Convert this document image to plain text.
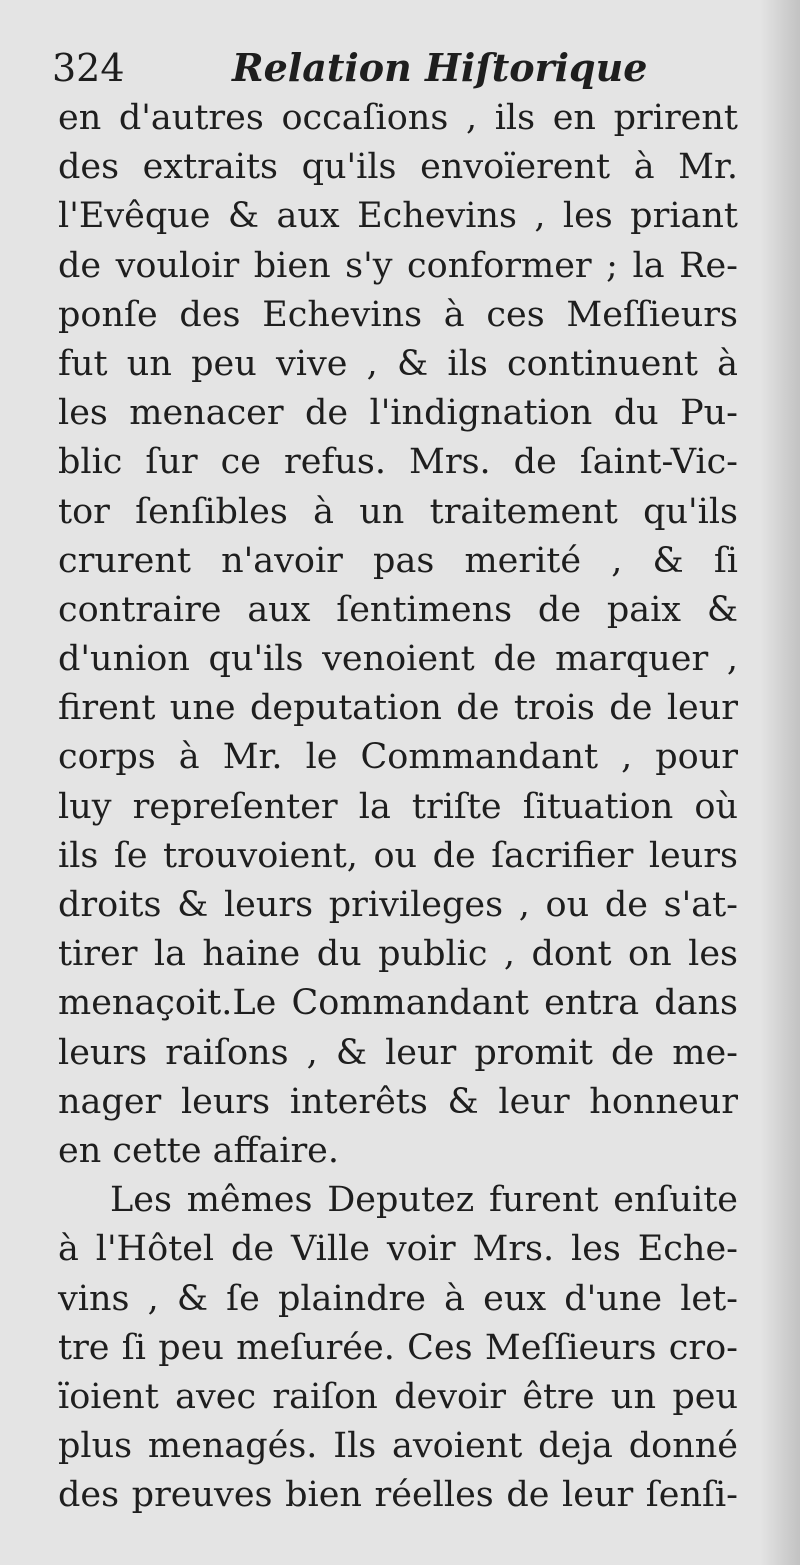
324	Relation Hiſtorique
en d'autres occaſions , ils en prirent
des extraits qu'ils envoïerent à Mr.
l'Evêque & aux Echevins , les priant
de vouloir bien s'y conformer ; la Re-
ponſe des Echevins à ces Meſſieurs
fut un peu vive , & ils continuent à
les menacer de l'indignation du Pu-
blic ſur ce refus. Mrs. de ſaint-Vic-
tor ſenſibles à un traitement qu'ils
crurent n'avoir pas merité , & ſi
contraire aux ſentimens de paix &
d'union qu'ils venoient de marquer ,
firent une deputation de trois de leur
corps à Mr. le Commandant , pour
luy repreſenter la triſte ſituation où
ils ſe trouvoient, ou de ſacrifier leurs
droits & leurs privileges , ou de s'at-
tirer la haine du public , dont on les
menaçoit.Le Commandant entra dans
leurs raiſons , & leur promit de me-
nager leurs interêts & leur honneur
en cette affaire.
Les mêmes Deputez furent enſuite
à l'Hôtel de Ville voir Mrs. les Eche-
vins , & ſe plaindre à eux d'une let-
tre ſi peu meſurée. Ces Meſſieurs cro-
ïoient avec raiſon devoir être un peu
plus menagés. Ils avoient deja donné
des preuves bien réelles de leur ſenſi-
